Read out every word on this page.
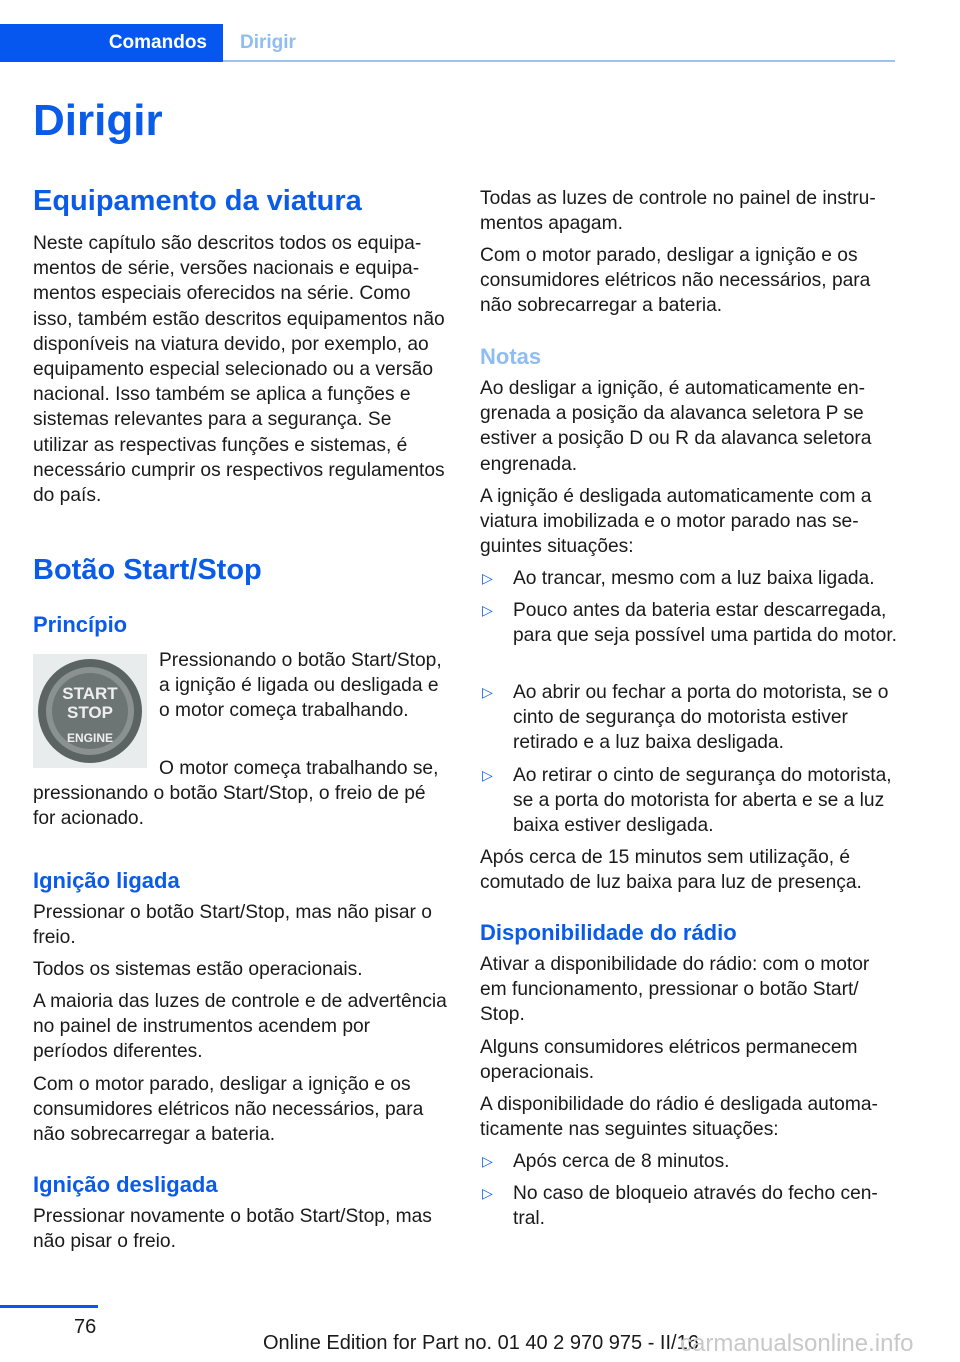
Comandos	Dirigir
Dirigir
Equipamento da viatura

Neste capítulo são descritos todos os equipamentos de série, versões nacionais e equipamentos especiais oferecidos na série. Como isso, também estão descritos equipamentos não disponíveis na viatura devido, por exemplo, ao equipamento especial selecionado ou a versão nacional. Isso também se aplica a funções e sistemas relevantes para a segurança. Se utilizar as respectivas funções e sistemas, é necessário cumprir os respectivos regulamentos do país.

Botão Start/Stop
Princípio
START
STOP
ENGINE

Pressionando o botão Start/Stop, a ignição é ligada ou desligada e o motor começa trabalhando.

O motor começa trabalhando se, pressionando o botão Start/Stop, o freio de pé for acionado.

Ignição ligada

Pressionar o botão Start/Stop, mas não pisar o freio.

Todos os sistemas estão operacionais.

A maioria das luzes de controle e de advertência no painel de instrumentos acendem por períodos diferentes.

Com o motor parado, desligar a ignição e os consumidores elétricos não necessários, para não sobrecarregar a bateria.

Ignição desligada

Pressionar novamente o botão Start/Stop, mas não pisar o freio.

Todas as luzes de controle no painel de instrumentos apagam.

Com o motor parado, desligar a ignição e os consumidores elétricos não necessários, para não sobrecarregar a bateria.

Notas

Ao desligar a ignição, é automaticamente engrenada a posição da alavanca seletora P se estiver a posição D ou R da alavanca seletora engrenada.

A ignição é desligada automaticamente com a viatura imobilizada e o motor parado nas seguintes situações:

▷ Ao trancar, mesmo com a luz baixa ligada.
▷ Pouco antes da bateria estar descarregada, para que seja possível uma partida do motor.
▷ Ao abrir ou fechar a porta do motorista, se o cinto de segurança do motorista estiver retirado e a luz baixa desligada.
▷ Ao retirar o cinto de segurança do motorista, se a porta do motorista for aberta e se a luz baixa estiver desligada.

Após cerca de 15 minutos sem utilização, é comutado de luz baixa para luz de presença.

Disponibilidade do rádio

Ativar a disponibilidade do rádio: com o motor em funcionamento, pressionar o botão Start/ Stop.

Alguns consumidores elétricos permanecem operacionais.

A disponibilidade do rádio é desligada automaticamente nas seguintes situações:

▷ Após cerca de 8 minutos.
▷ No caso de bloqueio através do fecho central.
76
Online Edition for Part no. 01 40 2 970 975 - II/16
carmanualsonline.info
